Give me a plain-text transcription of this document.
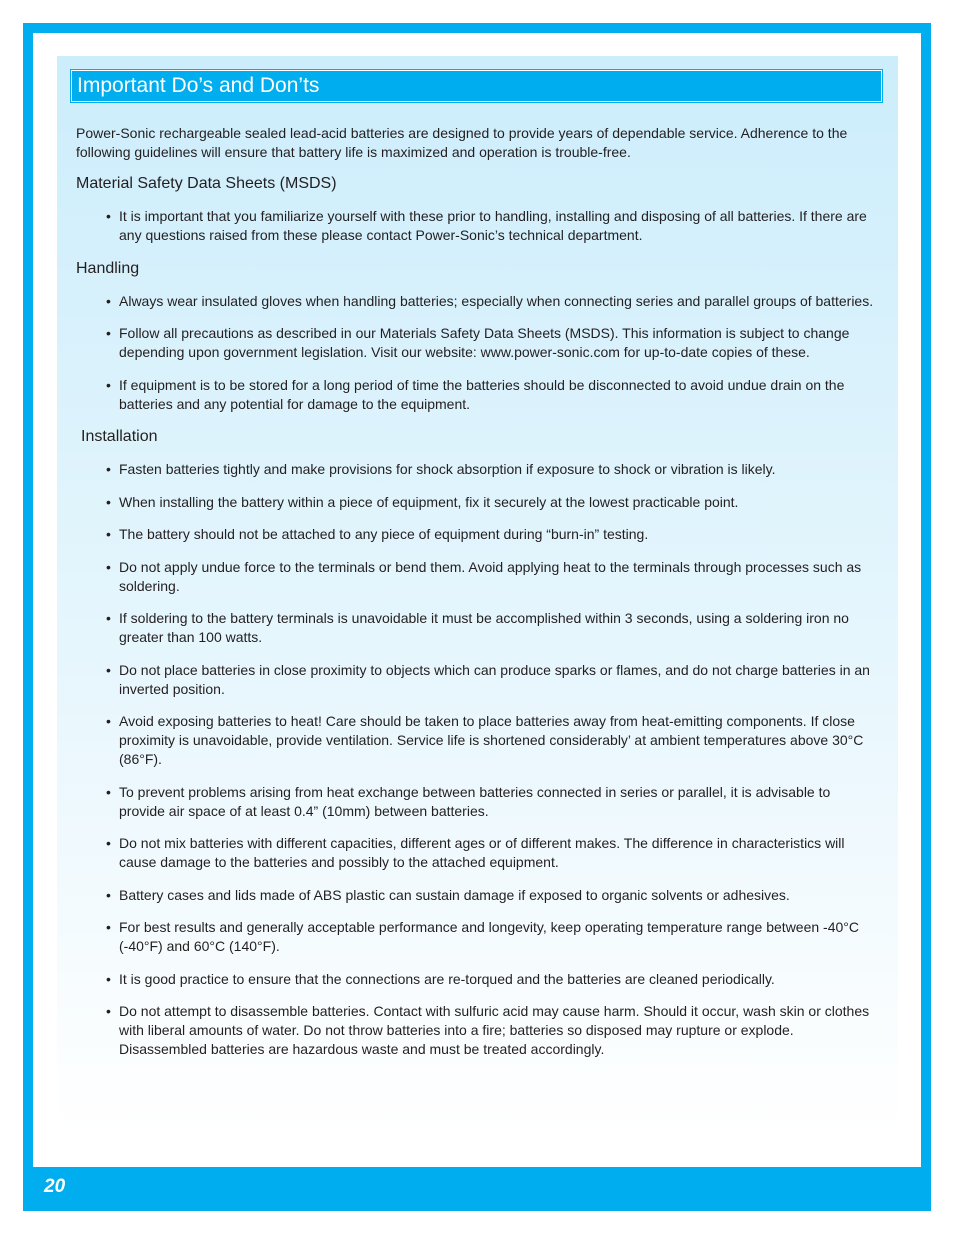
Important Do’s and Don’ts

Power-Sonic rechargeable sealed lead-acid batteries are designed to provide years of dependable service. Adherence to the following guidelines will ensure that battery life is maximized and operation is trouble-free.

Material Safety Data Sheets (MSDS)
• It is important that you familiarize yourself with these prior to handling, installing and disposing of all batteries. If there are any questions raised from these please contact Power-Sonic’s technical department.
Handling
• Always wear insulated gloves when handling batteries; especially when connecting series and parallel groups of batteries.
• Follow all precautions as described in our Materials Safety Data Sheets (MSDS). This information is subject to change depending upon government legislation. Visit our website: www.power-sonic.com for up-to-date copies of these.
• If equipment is to be stored for a long period of time the batteries should be disconnected to avoid undue drain on the batteries and any potential for damage to the equipment.
Installation
• Fasten batteries tightly and make provisions for shock absorption if exposure to shock or vibration is likely.
• When installing the battery within a piece of equipment, fix it securely at the lowest practicable point.
• The battery should not be attached to any piece of equipment during “burn-in” testing.
• Do not apply undue force to the terminals or bend them. Avoid applying heat to the terminals through processes such as soldering.
• If soldering to the battery terminals is unavoidable it must be accomplished within 3 seconds, using a soldering iron no greater than 100 watts.
• Do not place batteries in close proximity to objects which can produce sparks or flames, and do not charge batteries in an inverted position.
• Avoid exposing batteries to heat! Care should be taken to place batteries away from heat-emitting components. If close proximity is unavoidable, provide ventilation. Service life is shortened considerably’ at ambient temperatures above 30°C (86°F).
• To prevent problems arising from heat exchange between batteries connected in series or parallel, it is advisable to provide air space of at least 0.4” (10mm) between batteries.
• Do not mix batteries with different capacities, different ages or of different makes. The difference in characteristics will cause damage to the batteries and possibly to the attached equipment.
• Battery cases and lids made of ABS plastic can sustain damage if exposed to organic solvents or adhesives.
• For best results and generally acceptable performance and longevity, keep operating temperature range between -40°C (-40°F) and 60°C (140°F).
• It is good practice to ensure that the connections are re-torqued and the batteries are cleaned periodically.
• Do not attempt to disassemble batteries. Contact with sulfuric acid may cause harm. Should it occur, wash skin or clothes with liberal amounts of water. Do not throw batteries into a fire; batteries so disposed may rupture or explode. Disassembled batteries are hazardous waste and must be treated accordingly.
20
